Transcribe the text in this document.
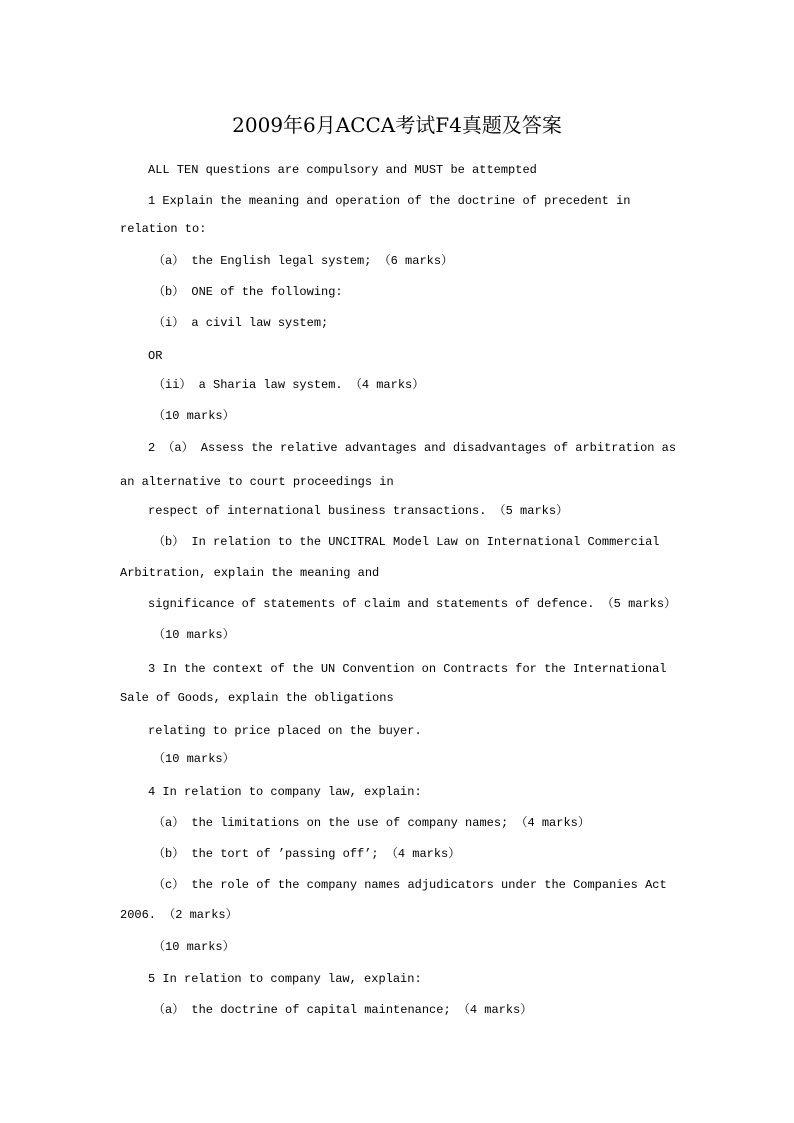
2009年6月ACCA考试F4真题及答案
ALL TEN questions are compulsory and MUST be attempted
1 Explain the meaning and operation of the doctrine of precedent in
relation to:
（a） the English legal system; （6 marks）
（b） ONE of the following:
（i） a civil law system;
OR
（ii） a Sharia law system. （4 marks）
（10 marks）
2 （a） Assess the relative advantages and disadvantages of arbitration as
an alternative to court proceedings in
respect of international business transactions. （5 marks）
（b） In relation to the UNCITRAL Model Law on International Commercial
Arbitration, explain the meaning and
significance of statements of claim and statements of defence. （5 marks）
（10 marks）
3 In the context of the UN Convention on Contracts for the International
Sale of Goods, explain the obligations
relating to price placed on the buyer.
（10 marks）
4 In relation to company law, explain:
（a） the limitations on the use of company names; （4 marks）
（b） the tort of ’passing off’; （4 marks）
（c） the role of the company names adjudicators under the Companies Act
2006. （2 marks）
（10 marks）
5 In relation to company law, explain:
（a） the doctrine of capital maintenance; （4 marks）
